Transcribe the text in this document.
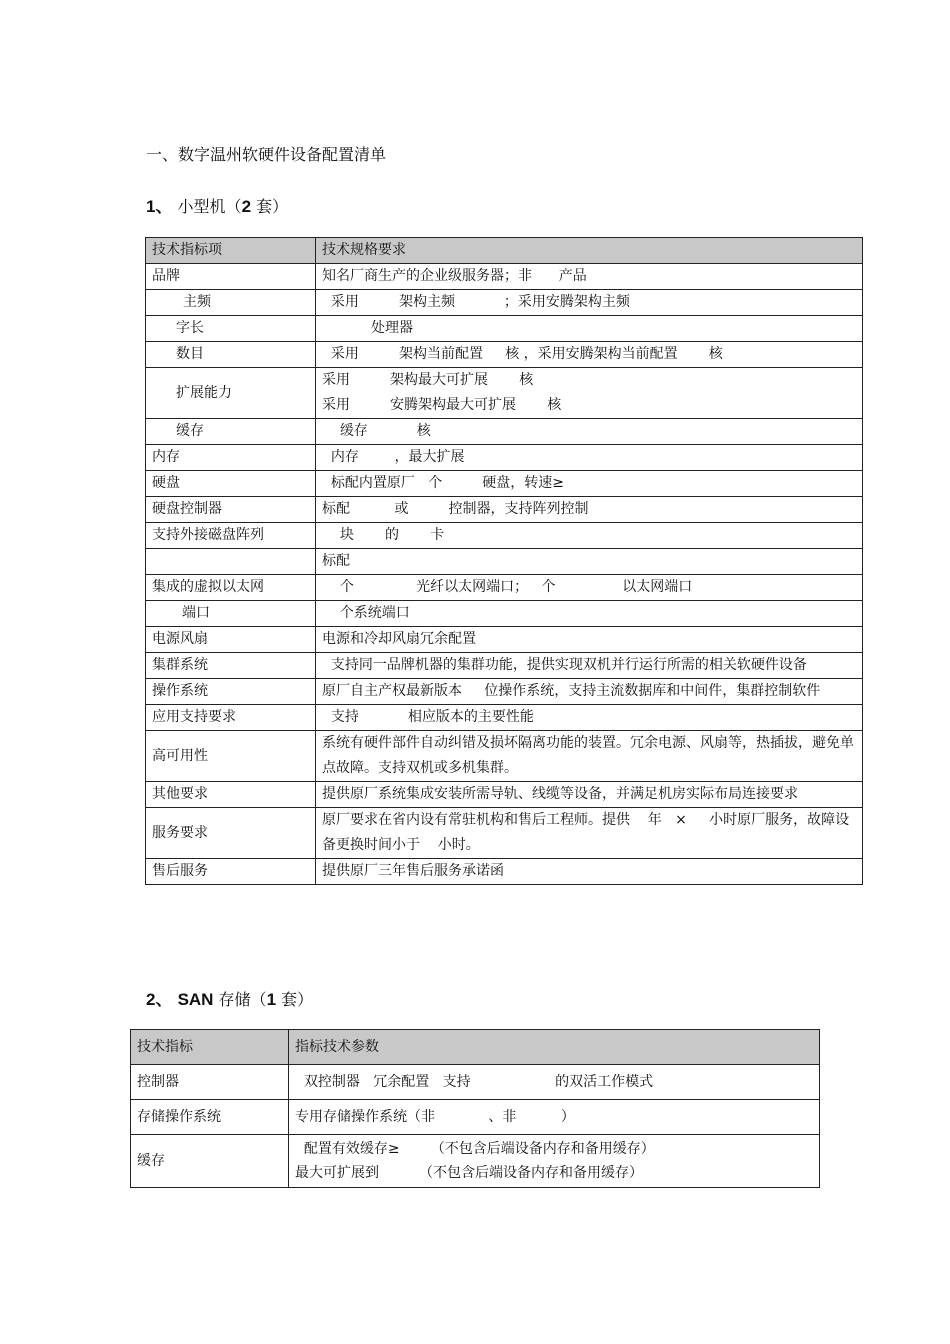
一、数字温州软硬件设备配置清单
1、 小型机（2 套）
技术指标项	技术规格要求
品牌	知名厂商生产的企业级服务器；非      产品
主频	采用         架构主频           ；采用安腾架构主频
字长	处理器
数目	采用         架构当前配置     核 ，采用安腾架构当前配置       核
扩展能力	采用         架构最大可扩展       核
采用         安腾架构最大可扩展       核
缓存	缓存           核
内存	内存        ，最大扩展
硬盘	标配内置原厂   个         硬盘，转速≥
硬盘控制器	标配          或         控制器，支持阵列控制
支持外接磁盘阵列	块       的       卡
	标配
集成的虚拟以太网	个              光纤以太网端口；   个               以太网端口
端口	个系统端口
电源风扇	电源和冷却风扇冗余配置
集群系统	支持同一品牌机器的集群功能，提供实现双机并行运行所需的相关软硬件设备
操作系统	原厂自主产权最新版本     位操作系统，支持主流数据库和中间件，集群控制软件
应用支持要求	支持           相应版本的主要性能
高可用性	系统有硬件部件自动纠错及损坏隔离功能的装置。冗余电源、风扇等，热插拔，避免单点故障。支持双机或多机集群。
其他要求	提供原厂系统集成安装所需导轨、线缆等设备，并满足机房实际布局连接要求
服务要求	原厂要求在省内设有常驻机构和售后工程师。提供    年   ×     小时原厂服务，故障设备更换时间小于    小时。
售后服务	提供原厂三年售后服务承诺函
2、 SAN 存储（1 套）
技术指标	指标技术参数
控制器	双控制器   冗余配置   支持                   的双活工作模式
存储操作系统	专用存储操作系统（非            、非          ）
缓存	配置有效缓存≥       （不包含后端设备内存和备用缓存）
最大可扩展到         （不包含后端设备内存和备用缓存）
